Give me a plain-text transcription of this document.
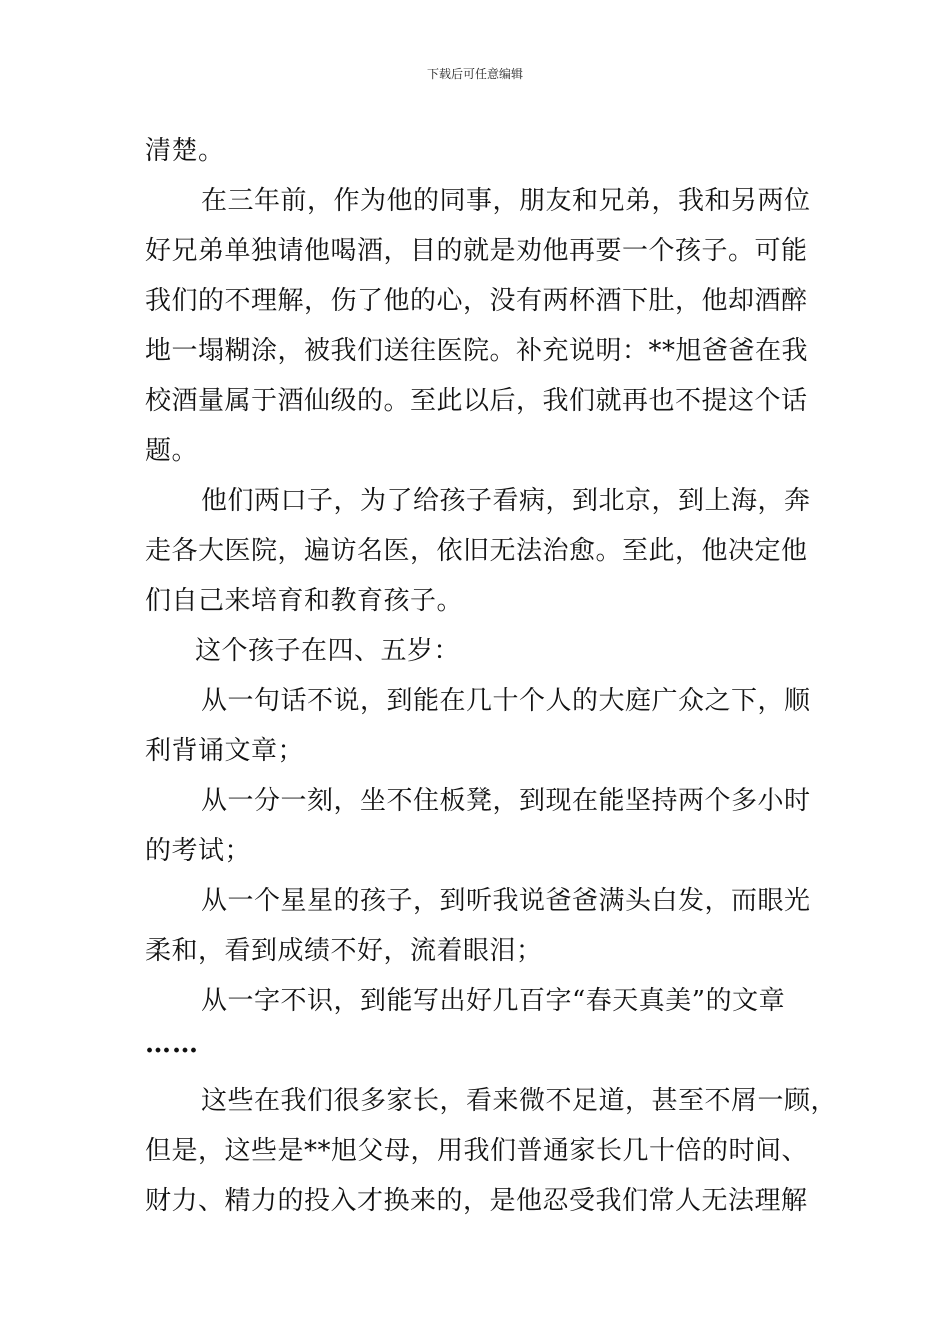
下载后可任意编辑

清楚。

在三年前，作为他的同事，朋友和兄弟，我和另两位

好兄弟单独请他喝酒，目的就是劝他再要一个孩子。可能

我们的不理解，伤了他的心，没有两杯酒下肚，他却酒醉

地一塌糊涂，被我们送往医院。补充说明：**旭爸爸在我

校酒量属于酒仙级的。至此以后，我们就再也不提这个话

题。

他们两口子，为了给孩子看病，到北京，到上海，奔

走各大医院，遍访名医，依旧无法治愈。至此，他决定他

们自己来培育和教育孩子。

这个孩子在四、五岁：

从一句话不说，到能在几十个人的大庭广众之下，顺

利背诵文章；

从一分一刻，坐不住板凳，到现在能坚持两个多小时

的考试；

从一个星星的孩子，到听我说爸爸满头白发，而眼光

柔和，看到成绩不好，流着眼泪；

从一字不识，到能写出好几百字“春天真美”的文章

……

这些在我们很多家长，看来微不足道，甚至不屑一顾，

但是，这些是**旭父母，用我们普通家长几十倍的时间、

财力、精力的投入才换来的，是他忍受我们常人无法理解
